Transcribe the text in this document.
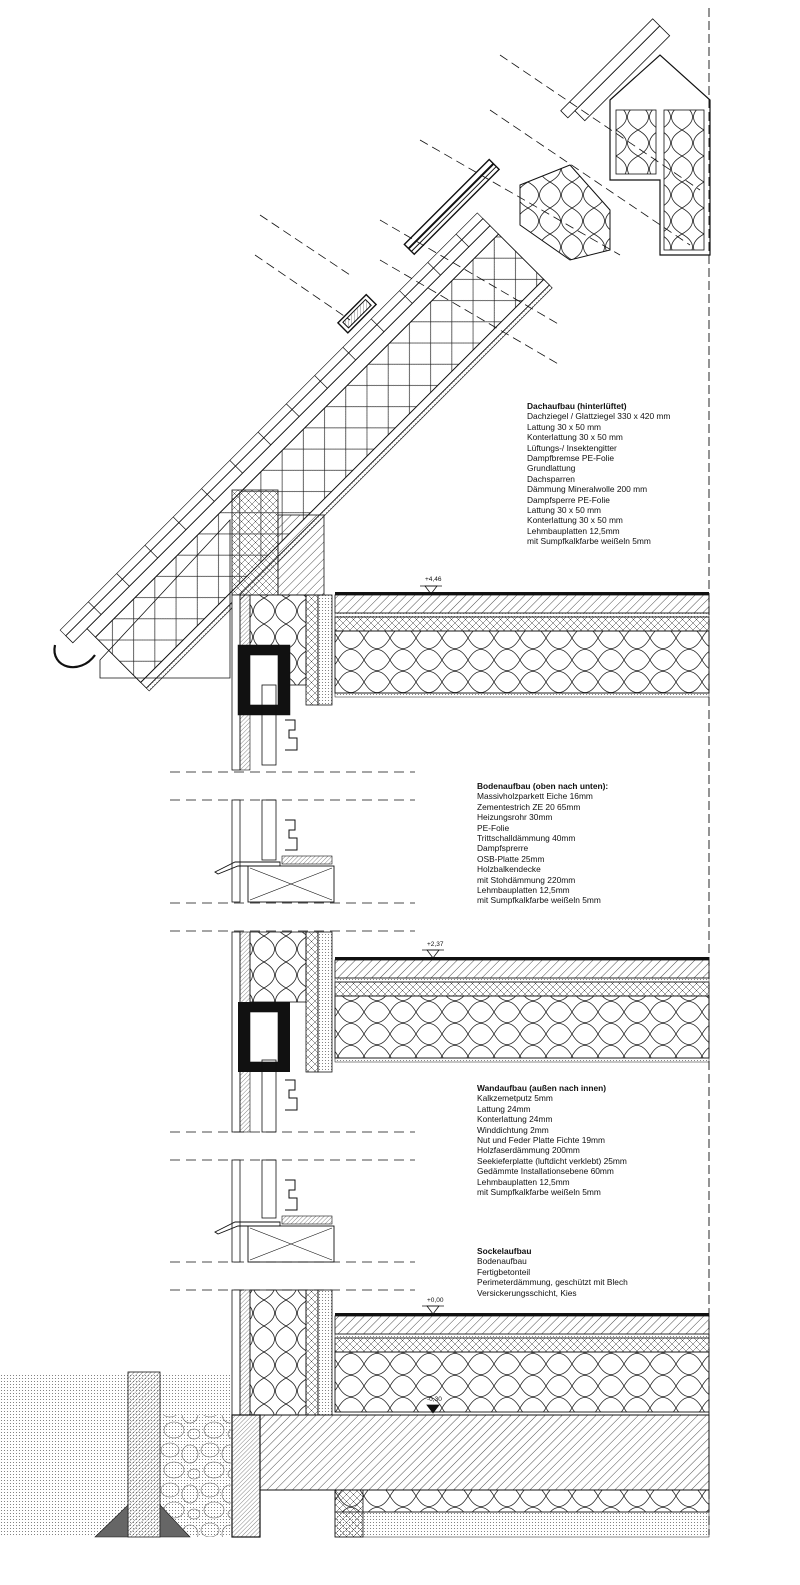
+4,46
+2,37
+0,00
-0,30
Dachaufbau (hinterlüftet)
Dachziegel / Glattziegel 330 x 420 mm
Lattung 30 x 50 mm
Konterlattung 30 x 50 mm
Lüftungs-/ Insektengitter
Dampfbremse PE-Folie
Grundlattung
Dachsparren
Dämmung Mineralwolle 200 mm
Dampfsperre PE-Folie
Lattung 30 x 50 mm
Konterlattung 30 x 50 mm
Lehmbauplatten 12,5mm
mit Sumpfkalkfarbe weißeln 5mm
Bodenaufbau (oben nach unten):
Massivholzparkett Eiche 16mm
Zementestrich ZE 20 65mm
Heizungsrohr 30mm
PE-Folie
Trittschalldämmung 40mm
Dampfsprerre
OSB-Platte 25mm
Holzbalkendecke
mit Stohdämmung 220mm
Lehmbauplatten 12,5mm
mit Sumpfkalkfarbe weißeln 5mm
Wandaufbau (außen nach innen)
Kalkzemetputz 5mm
Lattung 24mm
Konterlattung 24mm
Winddichtung 2mm
Nut und Feder Platte Fichte 19mm
Holzfaserdämmung 200mm
Seekieferplatte (luftdicht verklebt) 25mm
Gedämmte Installationsebene 60mm
Lehmbauplatten 12,5mm
mit Sumpfkalkfarbe weißeln 5mm
Sockelaufbau
Bodenaufbau
Fertigbetonteil
Perimeterdämmung, geschützt mit Blech
Versickerungsschicht, Kies
